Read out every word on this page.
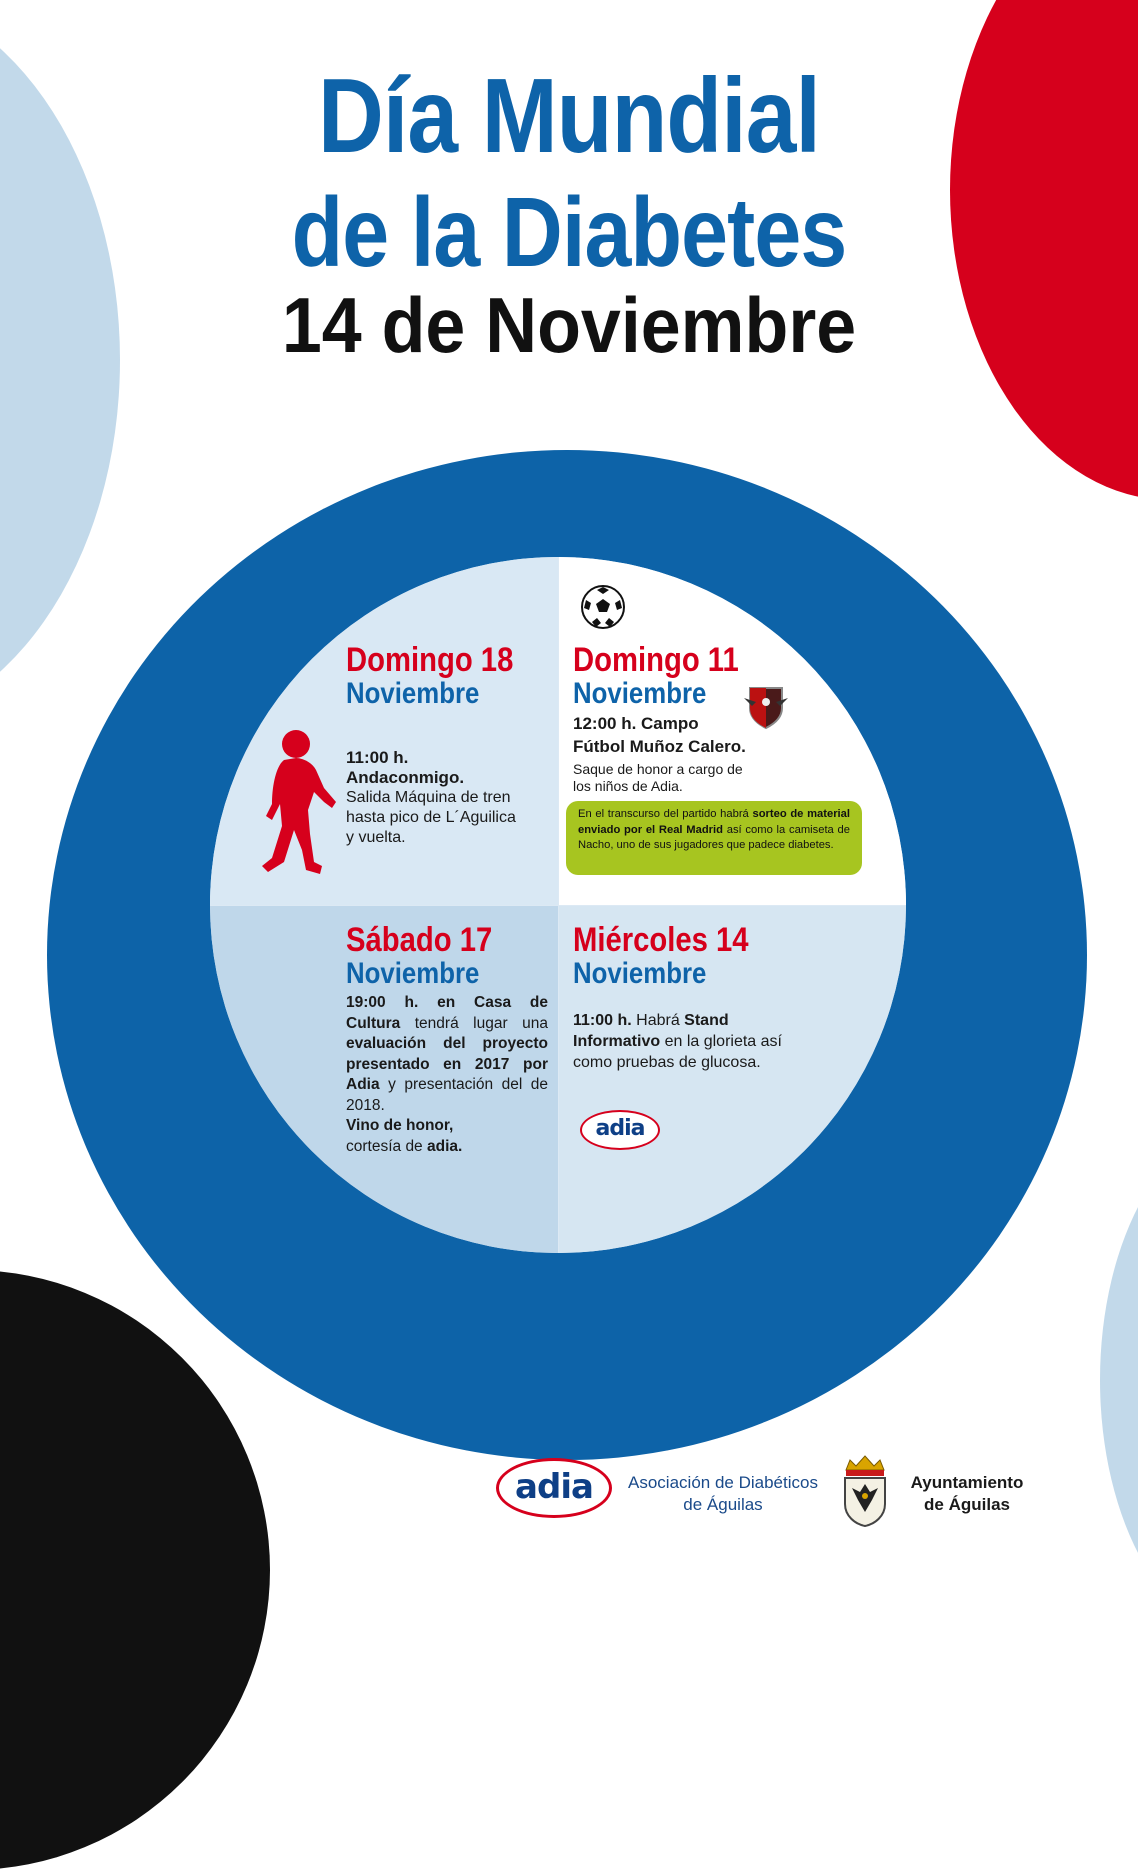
Día Mundial
de la Diabetes
14 de Noviembre

Domingo 18

Noviembre

11:00 h.
Andaconmigo.
Salida Máquina de tren
hasta pico de L´Aguilica
y vuelta.

Domingo 11

Noviembre

12:00 h. Campo
Fútbol Muñoz Calero.
Saque de honor a cargo de
los niños de Adia.
En el transcurso del partido habrá sorteo de material enviado por el Real Madrid así como la camiseta de Nacho, uno de sus jugadores que padece diabetes.

Sábado 17

Noviembre

19:00 h. en Casa de Cultura tendrá lugar una evaluación del proyecto presentado en 2017 por Adia y presentación del de 2018.
Vino de honor,
cortesía de adia.

Miércoles 14

Noviembre

11:00 h. Habrá Stand Informativo en la glorieta así como pruebas de glucosa.
adia
adia	Asociación de Diabéticos
de Águilas
Ayuntamiento
de Águilas
